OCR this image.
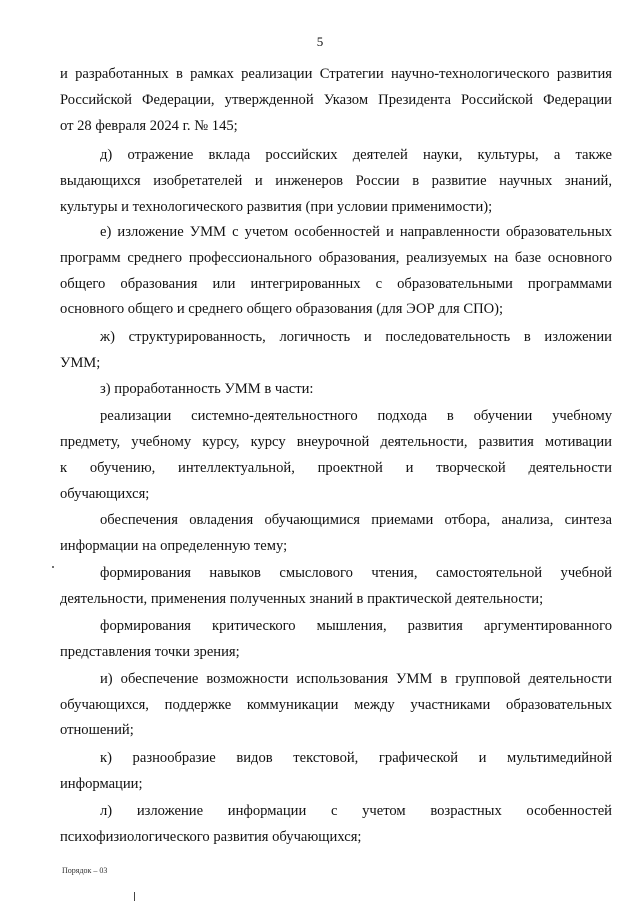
5
и разработанных в рамках реализации Стратегии научно-технологического развития
Российской Федерации, утвержденной Указом Президента Российской Федерации
от 28 февраля 2024 г. № 145;
д) отражение вклада российских деятелей науки, культуры, а также
выдающихся изобретателей и инженеров России в развитие научных знаний,
культуры и технологического развития (при условии применимости);
е) изложение УММ с учетом особенностей и направленности образовательных
программ среднего профессионального образования, реализуемых на базе основного
общего образования или интегрированных с образовательными программами
основного общего и среднего общего образования (для ЭОР для СПО);
ж) структурированность, логичность и последовательность в изложении
УММ;
з) проработанность УММ в части:
реализации системно-деятельностного подхода в обучении учебному
предмету, учебному курсу, курсу внеурочной деятельности, развития мотивации
к обучению, интеллектуальной, проектной и творческой деятельности
обучающихся;
обеспечения овладения обучающимися приемами отбора, анализа, синтеза
информации на определенную тему;
формирования навыков смыслового чтения, самостоятельной учебной
деятельности, применения полученных знаний в практической деятельности;
формирования критического мышления, развития аргументированного
представления точки зрения;
и) обеспечение возможности использования УММ в групповой деятельности
обучающихся, поддержке коммуникации между участниками образовательных
отношений;
к) разнообразие видов текстовой, графической и мультимедийной
информации;
л) изложение информации с учетом возрастных особенностей
психофизиологического развития обучающихся;
Порядок – 03
